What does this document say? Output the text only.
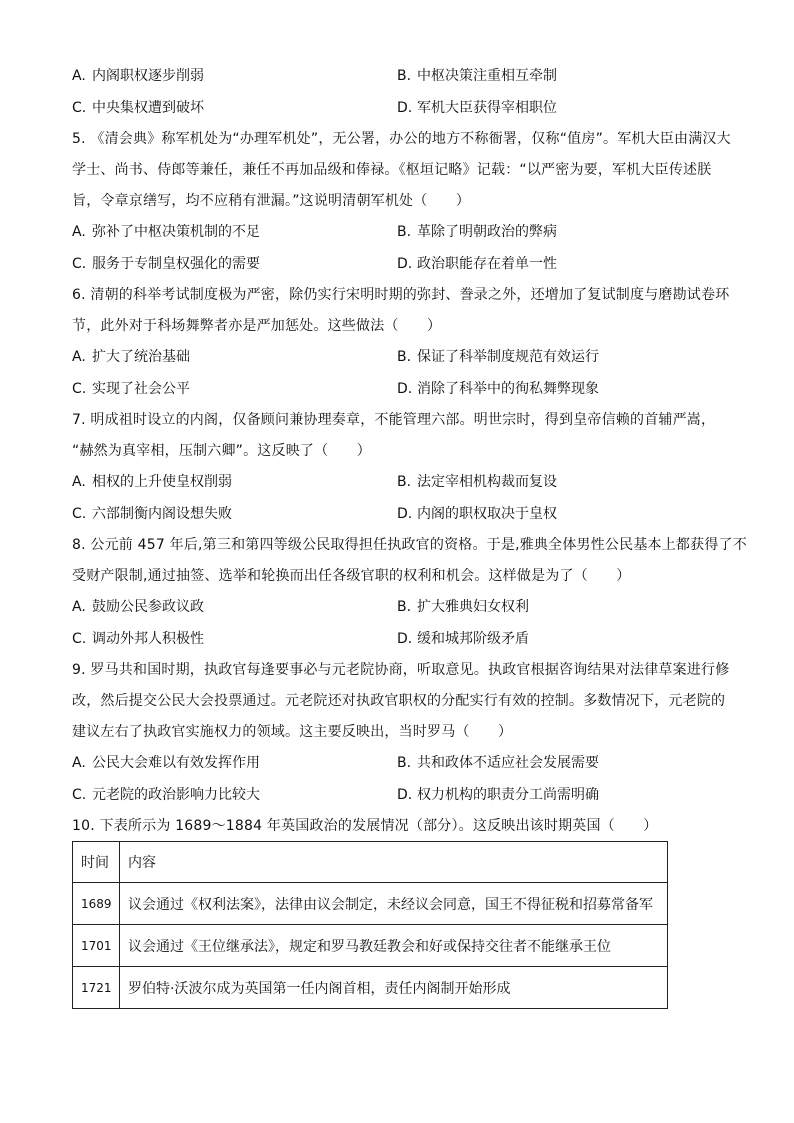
A. 内阁职权逐步削弱	B. 中枢决策注重相互牵制
C. 中央集权遭到破坏	D. 军机大臣获得宰相职位
5. 《清会典》称军机处为“办理军机处”，无公署，办公的地方不称衙署，仅称“值房”。军机大臣由满汉大
学士、尚书、侍郎等兼任，兼任不再加品级和俸禄。《枢垣记略》记载：“以严密为要，军机大臣传述朕
旨，令章京缮写，均不应稍有泄漏。”这说明清朝军机处（　　）
A. 弥补了中枢决策机制的不足	B. 革除了明朝政治的弊病
C. 服务于专制皇权强化的需要	D. 政治职能存在着单一性
6. 清朝的科举考试制度极为严密，除仍实行宋明时期的弥封、誊录之外，还增加了复试制度与磨勘试卷环
节，此外对于科场舞弊者亦是严加惩处。这些做法（　　）
A. 扩大了统治基础	B. 保证了科举制度规范有效运行
C. 实现了社会公平	D. 消除了科举中的徇私舞弊现象
7. 明成祖时设立的内阁，仅备顾问兼协理奏章，不能管理六部。明世宗时，得到皇帝信赖的首辅严嵩，
“赫然为真宰相，压制六卿”。这反映了（　　）
A. 相权的上升使皇权削弱	B. 法定宰相机构裁而复设
C. 六部制衡内阁设想失败	D. 内阁的职权取决于皇权
8. 公元前 457 年后,第三和第四等级公民取得担任执政官的资格。于是,雅典全体男性公民基本上都获得了不
受财产限制,通过抽签、选举和轮换而出任各级官职的权利和机会。这样做是为了（　　）
A. 鼓励公民参政议政	B. 扩大雅典妇女权利
C. 调动外邦人积极性	D. 缓和城邦阶级矛盾
9. 罗马共和国时期，执政官每逢要事必与元老院协商，听取意见。执政官根据咨询结果对法律草案进行修
改，然后提交公民大会投票通过。元老院还对执政官职权的分配实行有效的控制。多数情况下，元老院的
建议左右了执政官实施权力的领域。这主要反映出，当时罗马（　　）
A. 公民大会难以有效发挥作用	B. 共和政体不适应社会发展需要
C. 元老院的政治影响力比较大	D. 权力机构的职责分工尚需明确
10. 下表所示为 1689～1884 年英国政治的发展情况（部分）。这反映出该时期英国（　　）
时间	内容
1689	议会通过《权利法案》，法律由议会制定，未经议会同意，国王不得征税和招募常备军
1701	议会通过《王位继承法》，规定和罗马教廷教会和好或保持交往者不能继承王位
1721	罗伯特·沃波尔成为英国第一任内阁首相，责任内阁制开始形成
